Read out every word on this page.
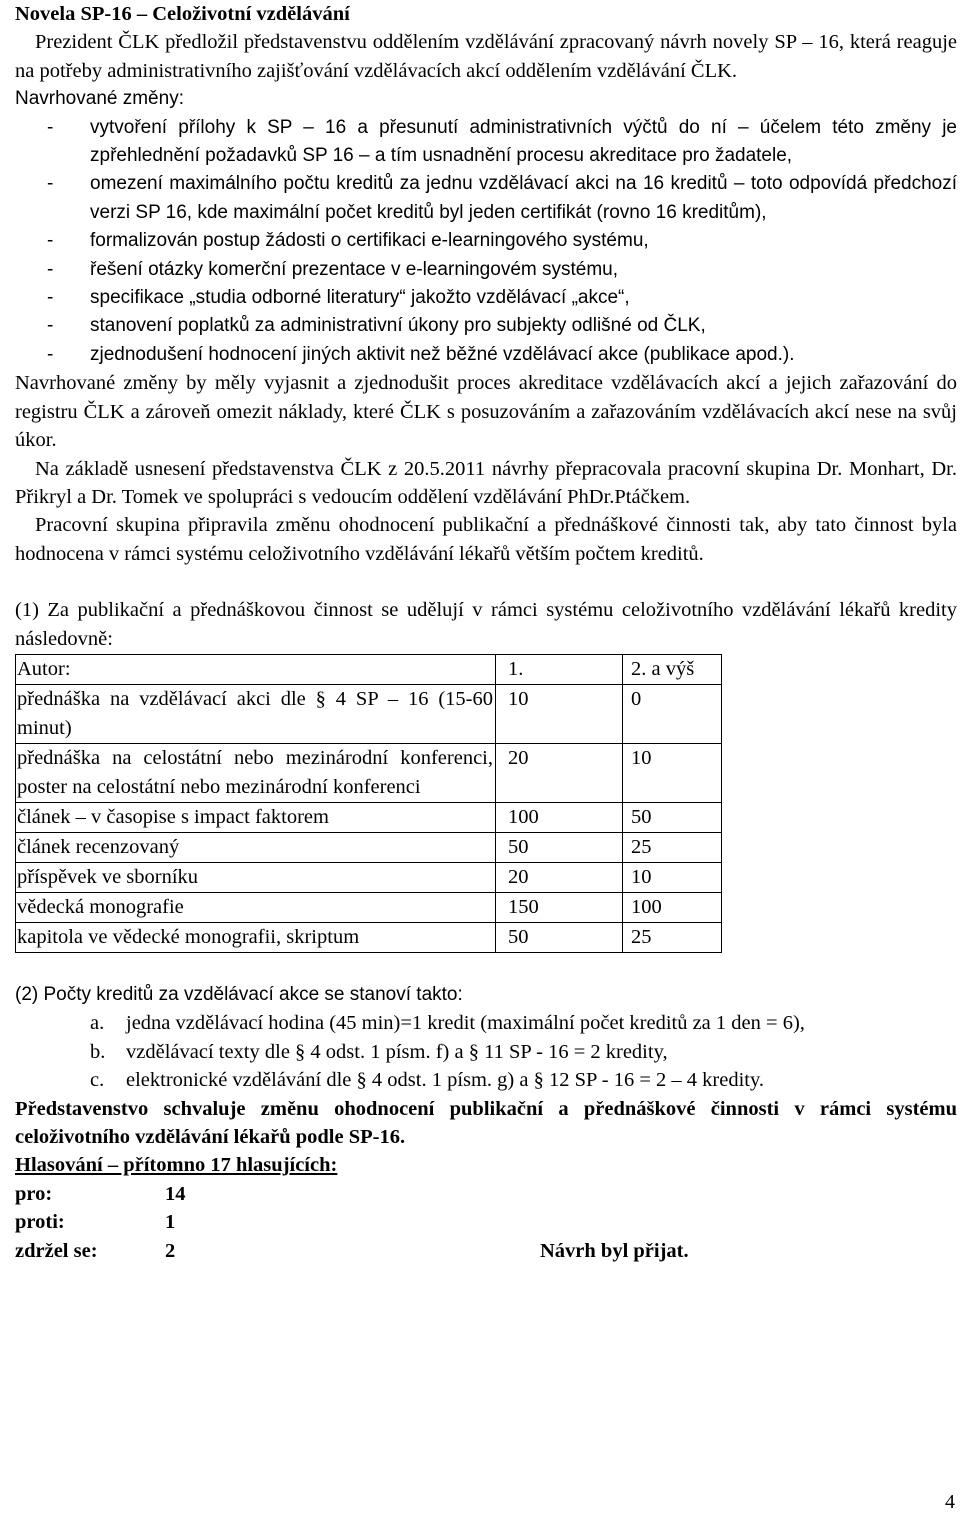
Novela SP-16 – Celoživotní vzdělávání

Prezident ČLK předložil představenstvu oddělením vzdělávání zpracovaný návrh novely SP – 16, která reaguje na potřeby administrativního zajišťování vzdělávacích akcí oddělením vzdělávání ČLK.

Navrhované změny:

- vytvoření přílohy k SP – 16 a přesunutí administrativních výčtů do ní – účelem této změny je zpřehlednění požadavků SP 16 – a tím usnadnění procesu akreditace pro žadatele,
- omezení maximálního počtu kreditů za jednu vzdělávací akci na 16 kreditů – toto odpovídá předchozí verzi SP 16, kde maximální počet kreditů byl jeden certifikát (rovno 16 kreditům),
- formalizován postup žádosti o certifikaci e-learningového systému,
- řešení otázky komerční prezentace v e-learningovém systému,
- specifikace „studia odborné literatury“ jakožto vzdělávací „akce“,
- stanovení poplatků za administrativní úkony pro subjekty odlišné od ČLK,
- zjednodušení hodnocení jiných aktivit než běžné vzdělávací akce (publikace apod.).

Navrhované změny by měly vyjasnit a zjednodušit proces akreditace vzdělávacích akcí a jejich zařazování do registru ČLK a zároveň omezit náklady, které ČLK s posuzováním a zařazováním vzdělávacích akcí nese na svůj úkor.

Na základě usnesení představenstva ČLK z 20.5.2011 návrhy přepracovala pracovní skupina Dr. Monhart, Dr. Přikryl a Dr. Tomek ve spolupráci s vedoucím oddělení vzdělávání PhDr.Ptáčkem.

Pracovní skupina připravila změnu ohodnocení publikační a přednáškové činnosti tak, aby tato činnost byla hodnocena v rámci systému celoživotního vzdělávání lékařů větším počtem kreditů.

(1) Za publikační a přednáškovou činnost se udělují v rámci systému celoživotního vzdělávání lékařů kredity následovně:

Autor:	1.	2. a výš
přednáška na vzdělávací akci dle § 4 SP – 16 (15-60 minut)	10	0
přednáška na celostátní nebo mezinárodní konferenci, poster na celostátní nebo mezinárodní konferenci	20	10
článek – v časopise s impact faktorem	100	50
článek recenzovaný	50	25
příspěvek ve sborníku	20	10
vědecká monografie	150	100
kapitola ve vědecké monografii, skriptum	50	25

(2) Počty kreditů za vzdělávací akce se stanoví takto:

a. jedna vzdělávací hodina (45 min)=1 kredit (maximální počet kreditů za 1 den = 6),
b. vzdělávací texty dle § 4 odst. 1 písm. f) a § 11 SP - 16 = 2 kredity,
c. elektronické vzdělávání dle § 4 odst. 1 písm. g) a § 12 SP - 16 = 2 – 4 kredity.

Představenstvo schvaluje změnu ohodnocení publikační a přednáškové činnosti v rámci systému celoživotního vzdělávání lékařů podle SP-16.

Hlasování – přítomno 17 hlasujících:

pro:	14
proti:	1
zdržel se:	2	Návrh byl přijat.
4
